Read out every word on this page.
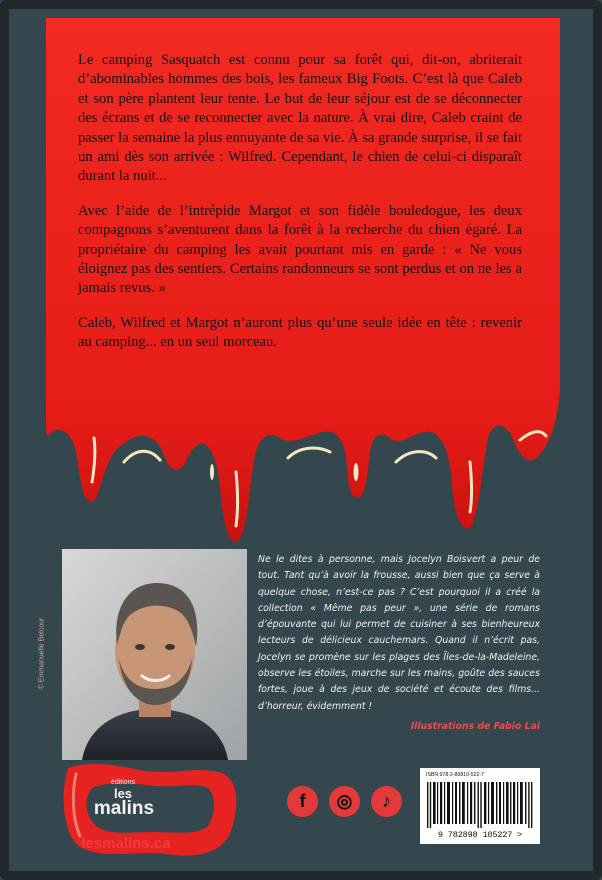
Le camping Sasquatch est connu pour sa forêt qui, dit-on, abriterait d’abominables hommes des bois, les fameux Big Foots. C’est là que Caleb et son père plantent leur tente. Le but de leur séjour est de se déconnecter des écrans et de se reconnecter avec la nature. À vrai dire, Caleb craint de passer la semaine la plus ennuyante de sa vie. À sa grande surprise, il se fait un ami dès son arrivée : Wilfred. Cependant, le chien de celui-ci disparaît durant la nuit...

Avec l’aide de l’intrépide Margot et son fidèle bouledogue, les deux compagnons s’aventurent dans la forêt à la recherche du chien égaré. La propriétaire du camping les avait pourtant mis en garde : « Ne vous éloignez pas des sentiers. Certains randonneurs se sont perdus et on ne les a jamais revus. »

Caleb, Wilfred et Margot n’auront plus qu’une seule idée en tête : revenir au camping... en un seul morceau.

© Emmanuelle Belcour
Ne le dites à personne, mais Jocelyn Boisvert a peur de tout. Tant qu’à avoir la frousse, aussi bien que ça serve à quelque chose, n’est-ce pas ? C’est pourquoi il a créé la collection « Même pas peur », une série de romans d’épouvante qui lui permet de cuisiner à ses bienheureux lecteurs de délicieux cauchemars. Quand il n’écrit pas, Jocelyn se promène sur les plages des Îles-de-la-Madeleine, observe les étoiles, marche sur les mains, goûte des sauces fortes, joue à des jeux de société et écoute des films... d’horreur, évidemment !
Illustrations de Fabio Lai
éditions
les
malins
lesmalins.ca
f	◎	♪
ISBN 978-2-89810-522-7
9 782898 105227 >
